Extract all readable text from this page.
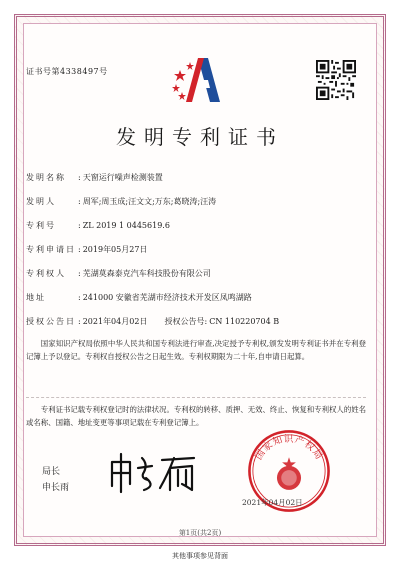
证书号第4338497号
发明专利证书
发明名称 : 天窗运行噪声检测装置
发明人	: 周军;周玉成;汪文文;万东;葛晓涛;汪涛
专利号	: ZL 2019 1 0445619.6
专利申请日 : 2019年05月27日
专利权人 : 芜湖莫森泰克汽车科技股份有限公司
地址	: 241000 安徽省芜湖市经济技术开发区凤鸣湖路
授权公告日 : 2021年04月02日 授权公告号: CN 110220704 B
国家知识产权局依照中华人民共和国专利法进行审查,决定授予专利权,颁发发明专利证书并在专利登记簿上予以登记。专利权自授权公告之日起生效。专利权期限为二十年,自申请日起算。
专利证书记载专利权登记时的法律状况。专利权的转移、质押、无效、终止、恢复和专利权人的姓名或名称、国籍、地址变更等事项记载在专利登记簿上。
局长
申长雨
国家知识产权局
2021年04月02日
第1页(共2页)
其他事项参见背面
